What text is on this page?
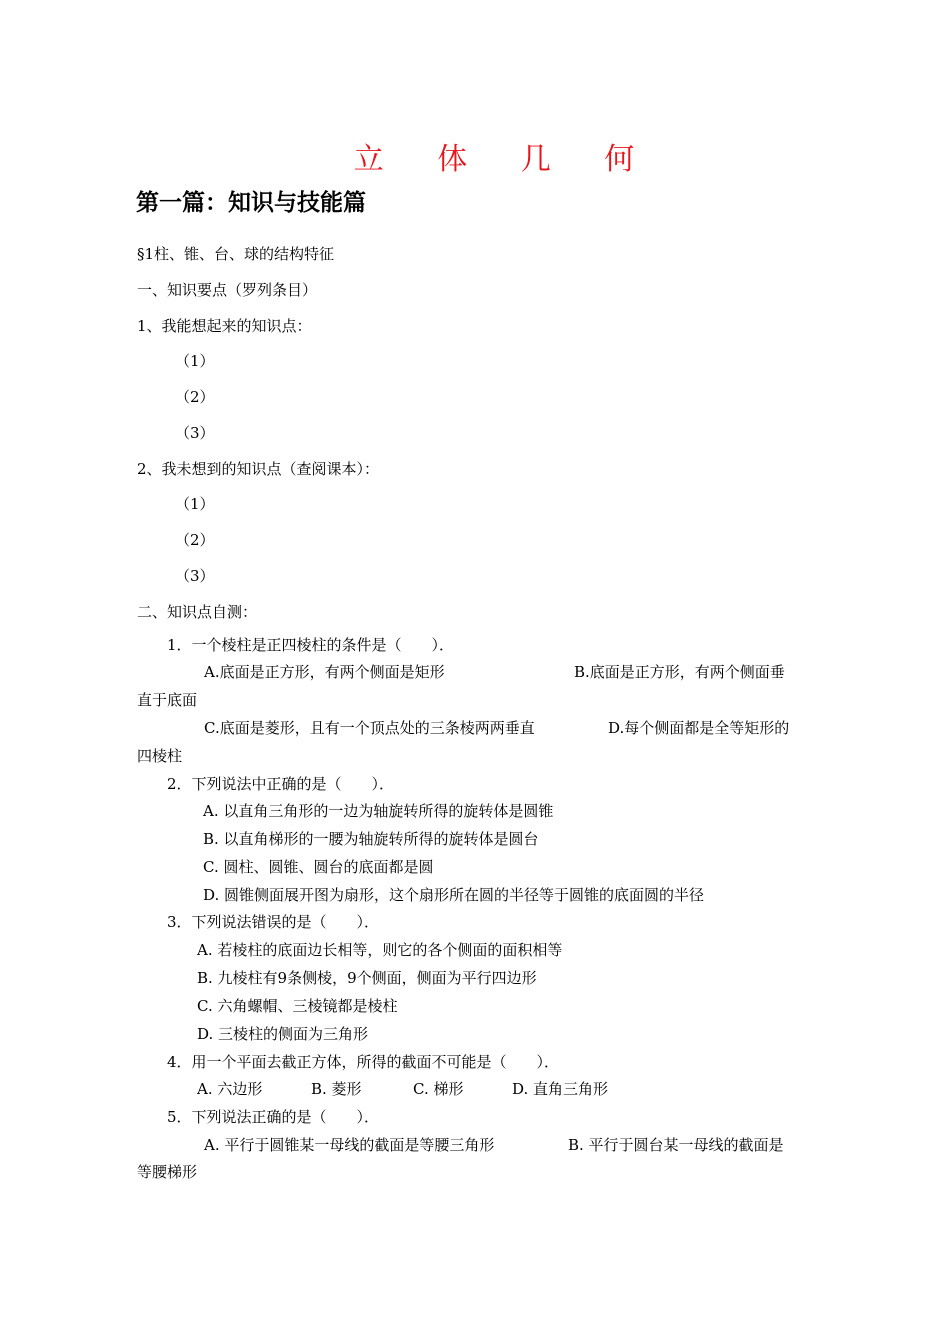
立 体 几 何
第一篇：知识与技能篇
§1柱、锥、台、球的结构特征
一、知识要点（罗列条目）
1、我能想起来的知识点：
（1）
（2）
（3）
2、我未想到的知识点（查阅课本）：
（1）
（2）
（3）
二、知识点自测：
1．一个棱柱是正四棱柱的条件是（　　）．
A.底面是正方形，有两个侧面是矩形	B.底面是正方形，有两个侧面垂
直于底面
C.底面是菱形，且有一个顶点处的三条棱两两垂直	D.每个侧面都是全等矩形的
四棱柱
2．下列说法中正确的是（　　）．
A. 以直角三角形的一边为轴旋转所得的旋转体是圆锥
B. 以直角梯形的一腰为轴旋转所得的旋转体是圆台
C. 圆柱、圆锥、圆台的底面都是圆
D. 圆锥侧面展开图为扇形，这个扇形所在圆的半径等于圆锥的底面圆的半径
3．下列说法错误的是（　　）．
A. 若棱柱的底面边长相等，则它的各个侧面的面积相等
B. 九棱柱有9条侧棱，9个侧面，侧面为平行四边形
C. 六角螺帽、三棱镜都是棱柱
D. 三棱柱的侧面为三角形
4．用一个平面去截正方体，所得的截面不可能是（　　）．
A. 六边形	B. 菱形	C. 梯形	D. 直角三角形
5．下列说法正确的是（　　）．
A. 平行于圆锥某一母线的截面是等腰三角形	B. 平行于圆台某一母线的截面是
等腰梯形
